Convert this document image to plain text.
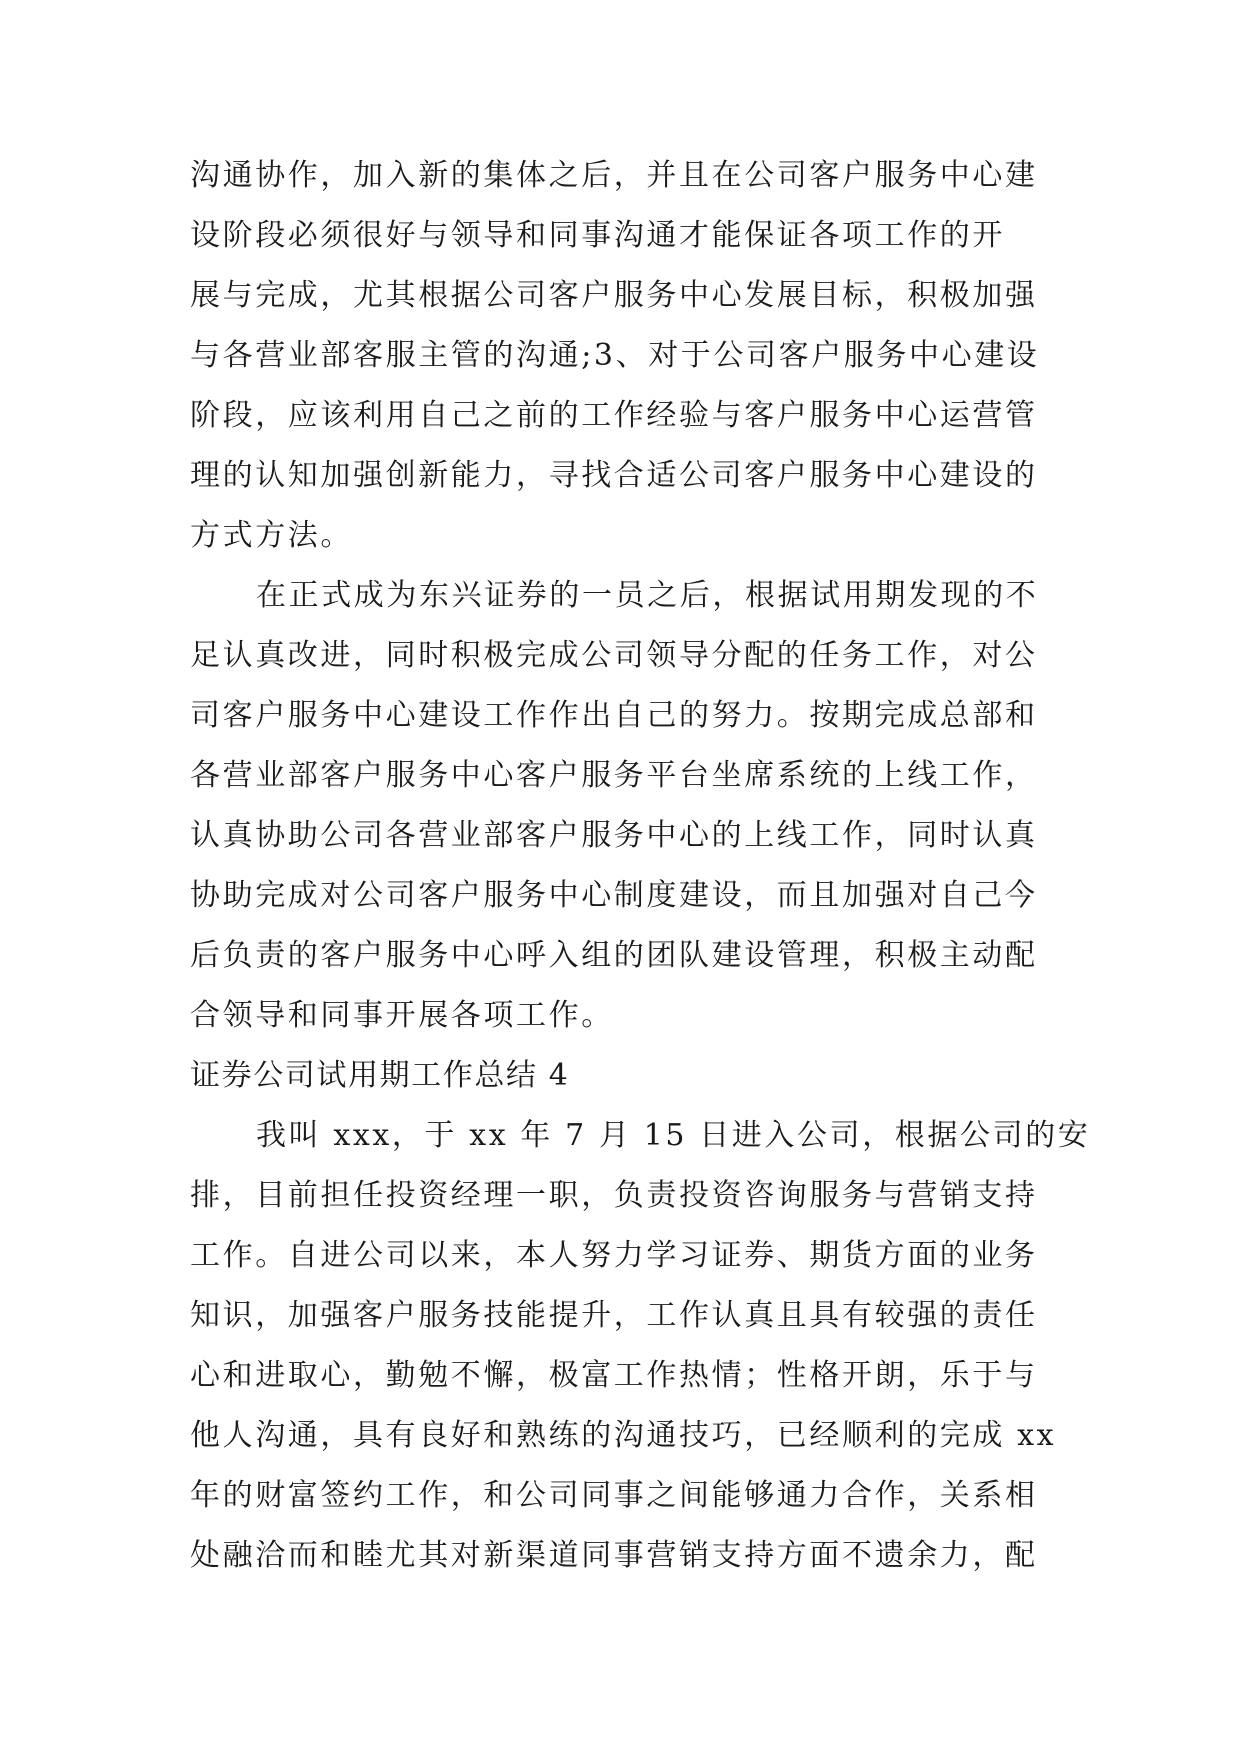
沟通协作，加入新的集体之后，并且在公司客户服务中心建
设阶段必须很好与领导和同事沟通才能保证各项工作的开
展与完成，尤其根据公司客户服务中心发展目标，积极加强
与各营业部客服主管的沟通;3、对于公司客户服务中心建设
阶段，应该利用自己之前的工作经验与客户服务中心运营管
理的认知加强创新能力，寻找合适公司客户服务中心建设的
方式方法。
在正式成为东兴证券的一员之后，根据试用期发现的不
足认真改进，同时积极完成公司领导分配的任务工作，对公
司客户服务中心建设工作作出自己的努力。按期完成总部和
各营业部客户服务中心客户服务平台坐席系统的上线工作，
认真协助公司各营业部客户服务中心的上线工作，同时认真
协助完成对公司客户服务中心制度建设，而且加强对自己今
后负责的客户服务中心呼入组的团队建设管理，积极主动配
合领导和同事开展各项工作。
证券公司试用期工作总结 4
我叫 xxx，于 xx 年 7 月 15 日进入公司，根据公司的安
排，目前担任投资经理一职，负责投资咨询服务与营销支持
工作。自进公司以来，本人努力学习证券、期货方面的业务
知识，加强客户服务技能提升，工作认真且具有较强的责任
心和进取心，勤勉不懈，极富工作热情；性格开朗，乐于与
他人沟通，具有良好和熟练的沟通技巧，已经顺利的完成 xx
年的财富签约工作，和公司同事之间能够通力合作，关系相
处融洽而和睦尤其对新渠道同事营销支持方面不遗余力，配
